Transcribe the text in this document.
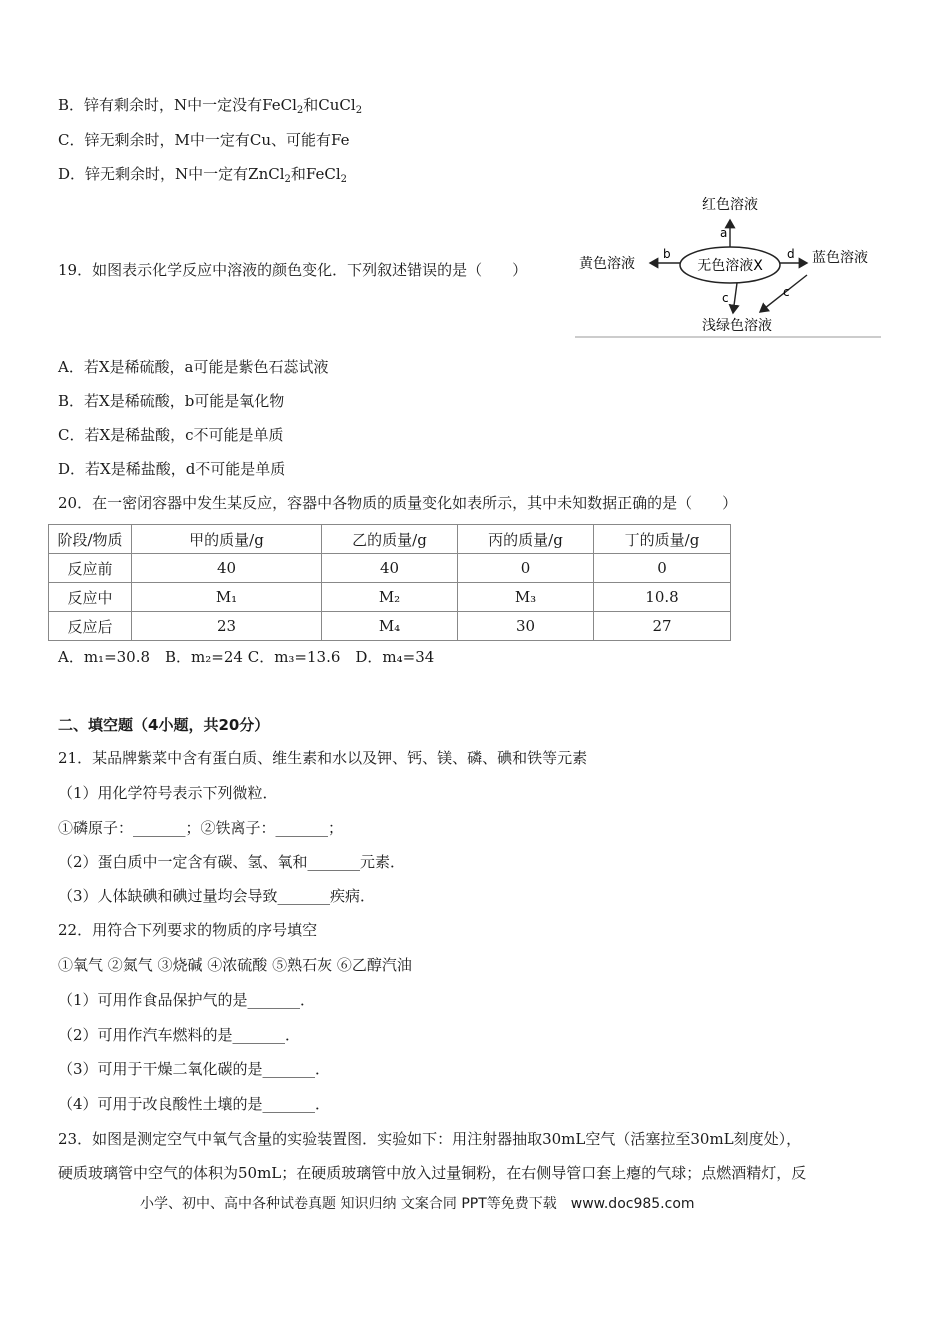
B．锌有剩余时，N中一定没有FeCl$_2$和CuCl$_2$
C．锌无剩余时，M中一定有Cu、可能有Fe
D．锌无剩余时，N中一定有ZnCl$_2$和FeCl$_2$
19．如图表示化学反应中溶液的颜色变化．下列叙述错误的是（　　）	无色溶液X
a
红色溶液
b
黄色溶液
d 蓝色溶液
c	c
浅绿色溶液
A．若X是稀硫酸，a可能是紫色石蕊试液
B．若X是稀硫酸，b可能是氧化物
C．若X是稀盐酸，c不可能是单质
D．若X是稀盐酸，d不可能是单质
20．在一密闭容器中发生某反应，容器中各物质的质量变化如表所示，其中未知数据正确的是（　　）
阶段/物质	甲的质量/g	乙的质量/g	丙的质量/g	丁的质量/g
反应前	40	40	0	0
反应中	M₁	M₂	M₃	10.8
反应后	23	M₄	30	27
A．m₁=30.8　B．m₂=24 C．m₃=13.6　D．m₄=34
二、填空题（4小题，共20分）
21．某品牌紫菜中含有蛋白质、维生素和水以及钾、钙、镁、磷、碘和铁等元素
（1）用化学符号表示下列微粒．
①磷原子：_______；②铁离子：_______；
（2）蛋白质中一定含有碳、氢、氧和_______元素．
（3）人体缺碘和碘过量均会导致_______疾病．
22．用符合下列要求的物质的序号填空
①氧气 ②氮气 ③烧碱 ④浓硫酸 ⑤熟石灰 ⑥乙醇汽油
（1）可用作食品保护气的是_______．
（2）可用作汽车燃料的是_______．
（3）可用于干燥二氧化碳的是_______．
（4）可用于改良酸性土壤的是_______．
23．如图是测定空气中氧气含量的实验装置图．实验如下：用注射器抽取30mL空气（活塞拉至30mL刻度处），
硬质玻璃管中空气的体积为50mL；在硬质玻璃管中放入过量铜粉，在右侧导管口套上瘪的气球；点燃酒精灯，反
小学、初中、高中各种试卷真题 知识归纳 文案合同 PPT等免费下载　www.doc985.com
